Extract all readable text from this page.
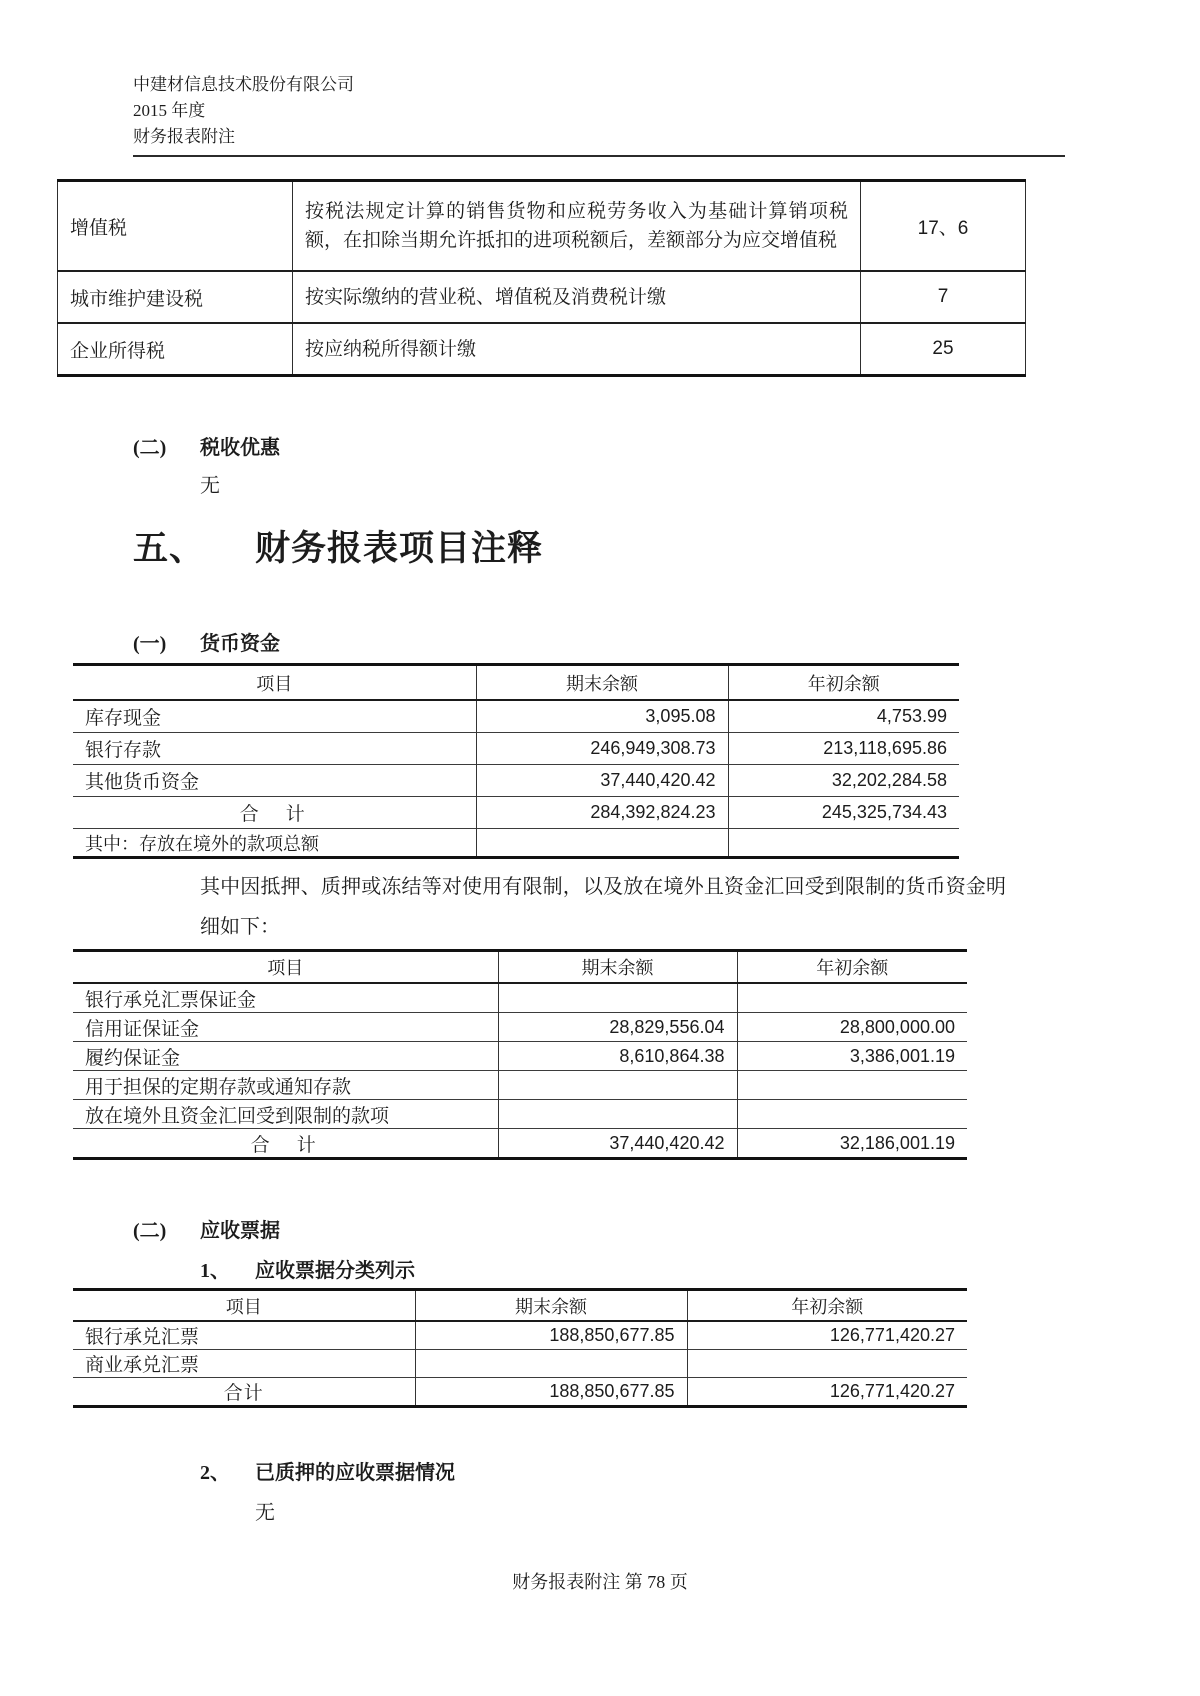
中建材信息技术股份有限公司
2015 年度
财务报表附注
增值税	按税法规定计算的销售货物和应税劳务收入为基础计算销项税额，在扣除当期允许抵扣的进项税额后，差额部分为应交增值税	17、6
城市维护建设税	按实际缴纳的营业税、增值税及消费税计缴	7
企业所得税	按应纳税所得额计缴	25
(二) 税收优惠
无
五、 财务报表项目注释
(一) 货币资金
项目	期末余额	年初余额
库存现金	3,095.08	4,753.99
银行存款	246,949,308.73	213,118,695.86
其他货币资金	37,440,420.42	32,202,284.58
合　计	284,392,824.23	245,325,734.43
其中：存放在境外的款项总额		
其中因抵押、质押或冻结等对使用有限制，以及放在境外且资金汇回受到限制的货币资金明细如下：
项目	期末余额	年初余额
银行承兑汇票保证金		
信用证保证金	28,829,556.04	28,800,000.00
履约保证金	8,610,864.38	3,386,001.19
用于担保的定期存款或通知存款		
放在境外且资金汇回受到限制的款项		
合　计	37,440,420.42	32,186,001.19
(二) 应收票据
1、 应收票据分类列示
项目	期末余额	年初余额
银行承兑汇票	188,850,677.85	126,771,420.27
商业承兑汇票		
合计	188,850,677.85	126,771,420.27
2、 已质押的应收票据情况
无
财务报表附注 第 78 页
